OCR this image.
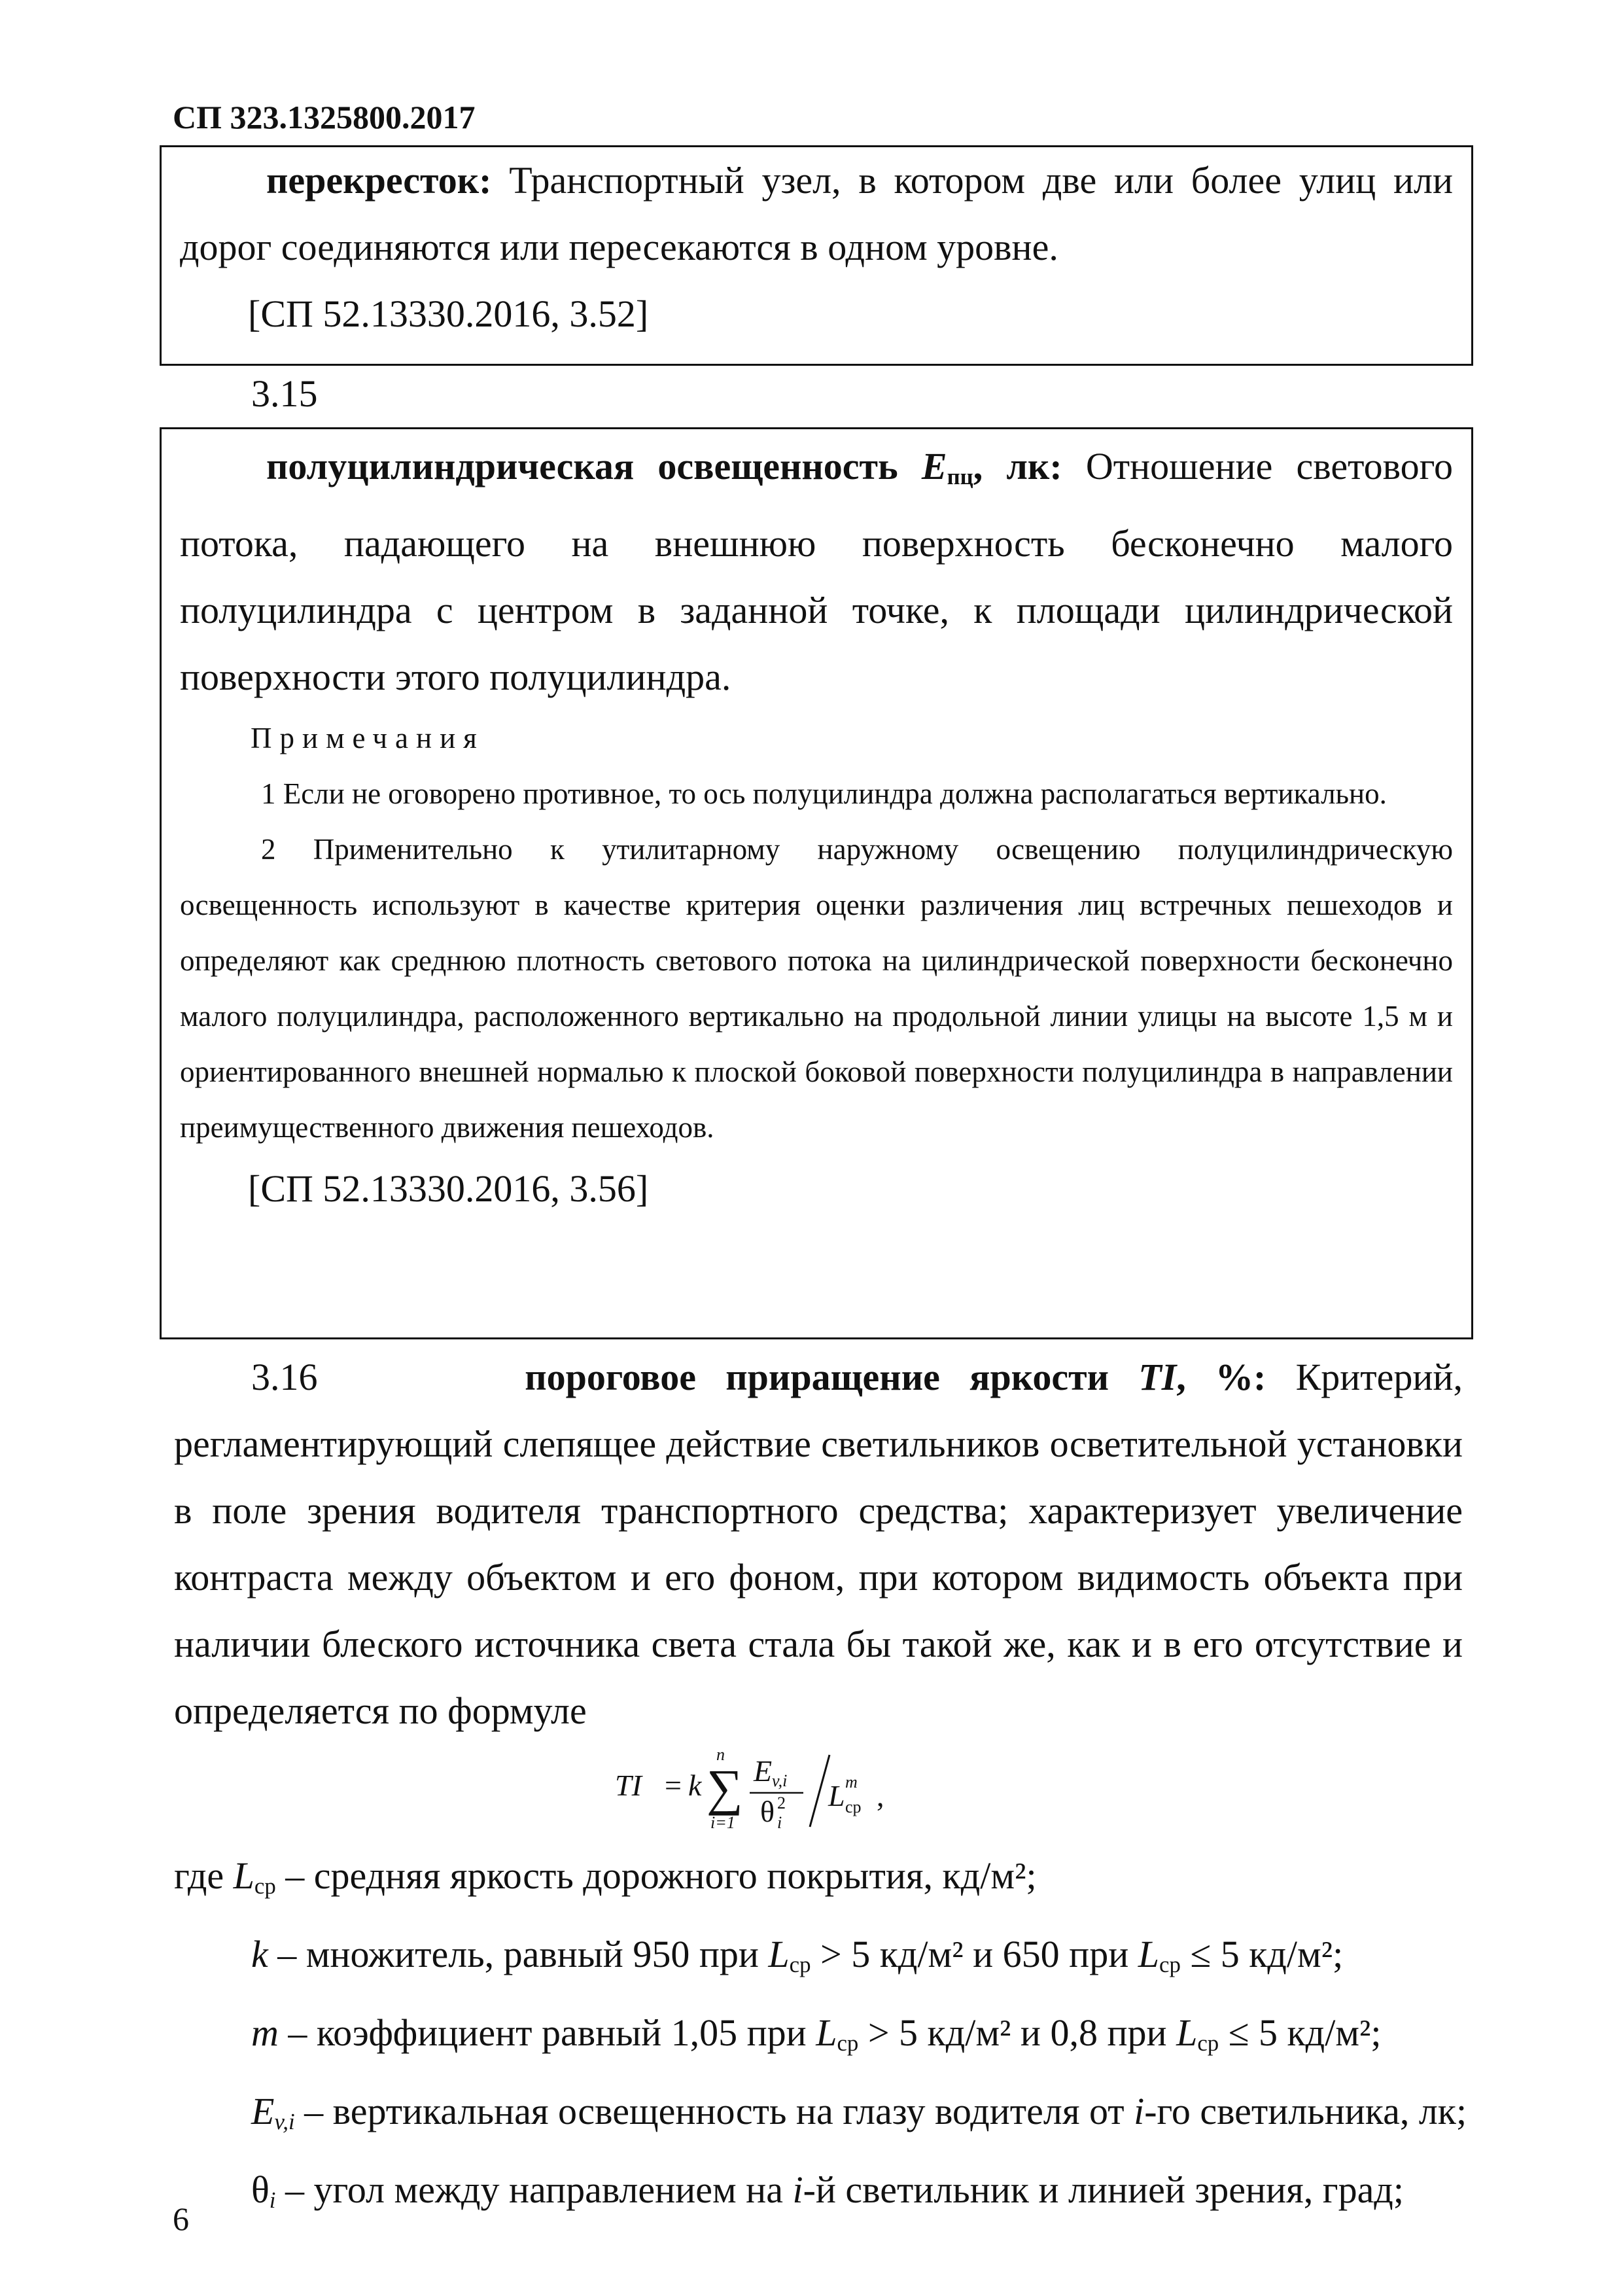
СП 323.1325800.2017

перекресток: Транспортный узел, в котором две или более улиц или дорог соединяются или пересекаются в одном уровне.

[СП 52.13330.2016, 3.52]

3.15

полуцилиндрическая освещенность $E_{пц}$, лк: Отношение светового потока, падающего на внешнюю поверхность бесконечно малого полуцилиндра с центром в заданной точке, к площади цилиндрической поверхности этого полуцилиндра.

Примечания

1 Если не оговорено противное, то ось полуцилиндра должна располагаться вертикально.

2 Применительно к утилитарному наружному освещению полуцилиндрическую освещенность используют в качестве критерия оценки различения лиц встречных пешеходов и определяют как среднюю плотность светового потока на цилиндрической поверхности бесконечно малого полуцилиндра, расположенного вертикально на продольной линии улицы на высоте 1,5 м и ориентированного внешней нормалью к плоской боковой поверхности полуцилиндра в направлении преимущественного движения пешеходов.

[СП 52.13330.2016, 3.56]

3.16	пороговое приращение яркости TI, %: Критерий, регламентирующий слепящее действие светильников осветительной установки в поле зрения водителя транспортного средства; характеризует увеличение контраста между объектом и его фоном, при котором видимость объекта при наличии блеского источника света стала бы такой же, как и в его отсутствие и определяется по формуле

TI = k ∑
n
i=1
E v,i
θ 2
i
L m
ср ,

где $L_{ср}$ – средняя яркость дорожного покрытия, кд/м²;

k – множитель, равный 950 при $L_{ср} > 5$ кд/м² и 650 при $L_{ср} \le 5$ кд/м²;

m – коэффициент равный 1,05 при $L_{ср} > 5$ кд/м² и 0,8 при $L_{ср} \le 5$ кд/м²;

$E_{v,i}$ – вертикальная освещенность на глазу водителя от i-го светильника, лк;

$\theta_i$ – угол между направлением на i-й светильник и линией зрения, град;

6
